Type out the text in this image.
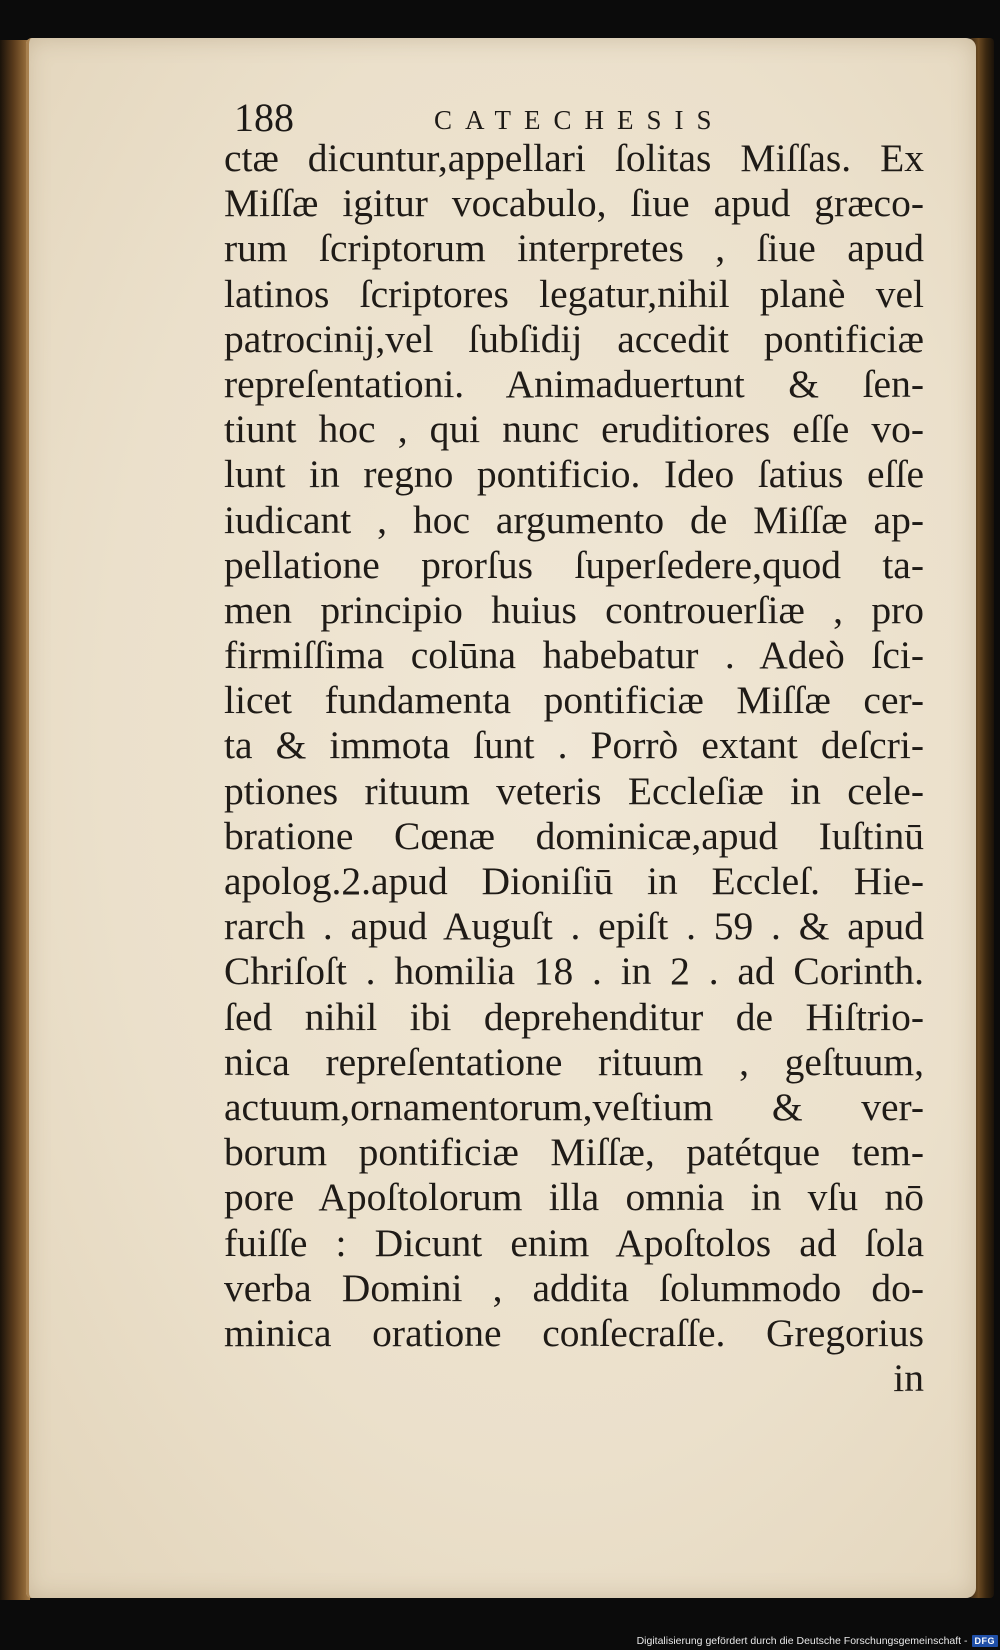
188	CATECHESIS
ctæ dicuntur,appellari ſolitas Miſſas. Ex
Miſſæ igitur vocabulo, ſiue apud græco-
rum ſcriptorum interpretes , ſiue apud
latinos ſcriptores legatur,nihil planè vel
patrocinij,vel ſubſidij accedit pontificiæ
repreſentationi. Animaduertunt & ſen-
tiunt hoc , qui nunc eruditiores eſſe vo-
lunt in regno pontificio. Ideo ſatius eſſe
iudicant , hoc argumento de Miſſæ ap-
pellatione prorſus ſuperſedere,quod ta-
men principio huius controuerſiæ , pro
firmiſſima colūna habebatur . Adeò ſci-
licet fundamenta pontificiæ Miſſæ cer-
ta & immota ſunt . Porrò extant deſcri-
ptiones rituum veteris Eccleſiæ in cele-
bratione Cœnæ dominicæ,apud Iuſtinū
apolog.2.apud Dioniſiū in Eccleſ. Hie-
rarch . apud Auguſt . epiſt . 59 . & apud
Chriſoſt . homilia 18 . in 2 . ad Corinth.
ſed nihil ibi deprehenditur de Hiſtrio-
nica repreſentatione rituum , geſtuum,
actuum,ornamentorum,veſtium & ver-
borum pontificiæ Miſſæ, patétque tem-
pore Apoſtolorum illa omnia in vſu nō
fuiſſe : Dicunt enim Apoſtolos ad ſola
verba Domini , addita ſolummodo do-
minica oratione conſecraſſe. Gregorius
in
Digitalisierung gefördert durch die Deutsche Forschungsgemeinschaft - DFG
